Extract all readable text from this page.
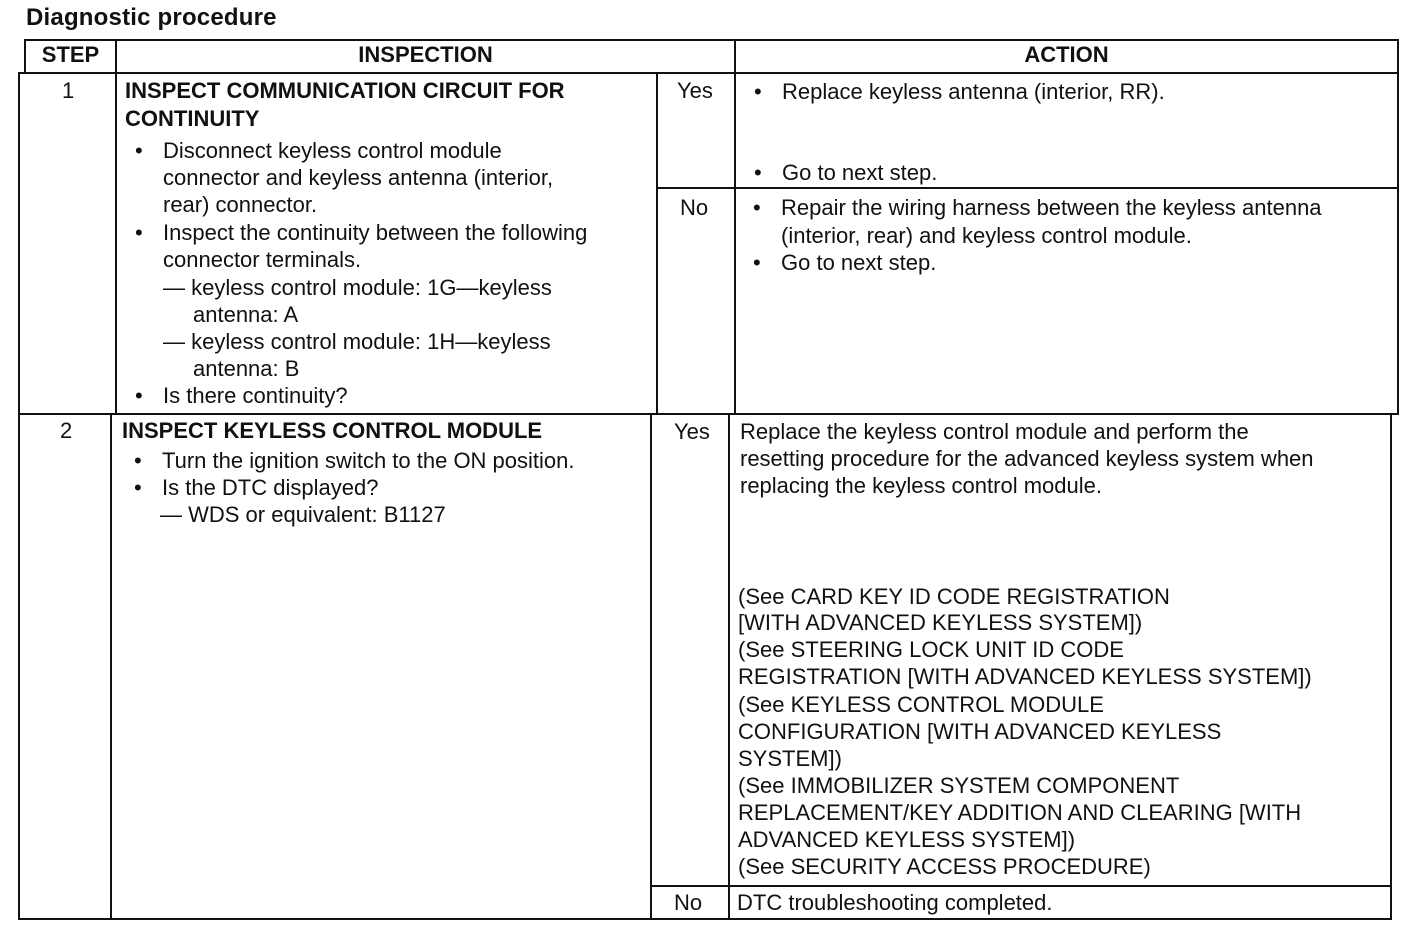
Diagnostic procedure
STEP	INSPECTION	ACTION
1 INSPECT COMMUNICATION CIRCUIT FOR
CONTINUITY
• Disconnect keyless control module
connector and keyless antenna (interior,
rear) connector.
• Inspect the continuity between the following
connector terminals.
— keyless control module: 1G—keyless
antenna: A
— keyless control module: 1H—keyless
antenna: B
• Is there continuity?
Yes	• Replace keyless antenna (interior, RR).
• Go to next step.
No	• Repair the wiring harness between the keyless antenna
(interior, rear) and keyless control module.
• Go to next step.
2 INSPECT KEYLESS CONTROL MODULE
• Turn the ignition switch to the ON position.
• Is the DTC displayed?
— WDS or equivalent: B1127
Yes Replace the keyless control module and perform the
resetting procedure for the advanced keyless system when
replacing the keyless control module.
(See CARD KEY ID CODE REGISTRATION
[WITH ADVANCED KEYLESS SYSTEM])
(See STEERING LOCK UNIT ID CODE
REGISTRATION [WITH ADVANCED KEYLESS SYSTEM])
(See KEYLESS CONTROL MODULE
CONFIGURATION [WITH ADVANCED KEYLESS
SYSTEM])
(See IMMOBILIZER SYSTEM COMPONENT
REPLACEMENT/KEY ADDITION AND CLEARING [WITH
ADVANCED KEYLESS SYSTEM])
(See SECURITY ACCESS PROCEDURE)
No DTC troubleshooting completed.
